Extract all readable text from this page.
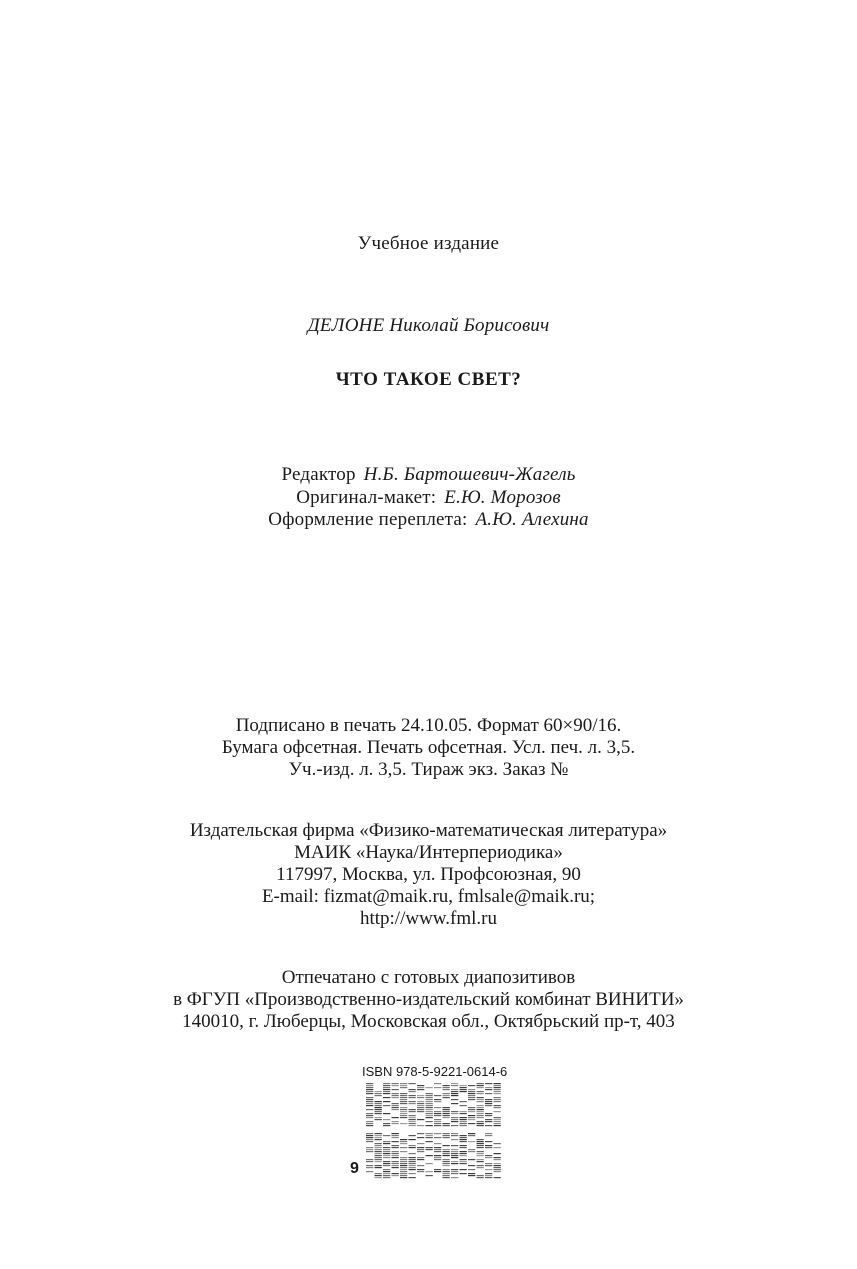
Учебное издание
ДЕЛОНЕ Николай Борисович
ЧТО ТАКОЕ СВЕТ?
Редактор Н.Б. Бартошевич-Жагель
Оригинал-макет: Е.Ю. Морозов
Оформление переплета: А.Ю. Алехина
Подписано в печать 24.10.05. Формат 60×90/16.
Бумага офсетная. Печать офсетная. Усл. печ. л. 3,5.
Уч.-изд. л. 3,5. Тираж экз. Заказ №
Издательская фирма «Физико-математическая литература»
МАИК «Наука/Интерпериодика»
117997, Москва, ул. Профсоюзная, 90
E-mail: fizmat@maik.ru, fmlsale@maik.ru;
http://www.fml.ru
Отпечатано с готовых диапозитивов
в ФГУП «Производственно-издательский комбинат ВИНИТИ»
140010, г. Люберцы, Московская обл., Октябрьский пр-т, 403
ISBN 978-5-9221-0614-6
9
